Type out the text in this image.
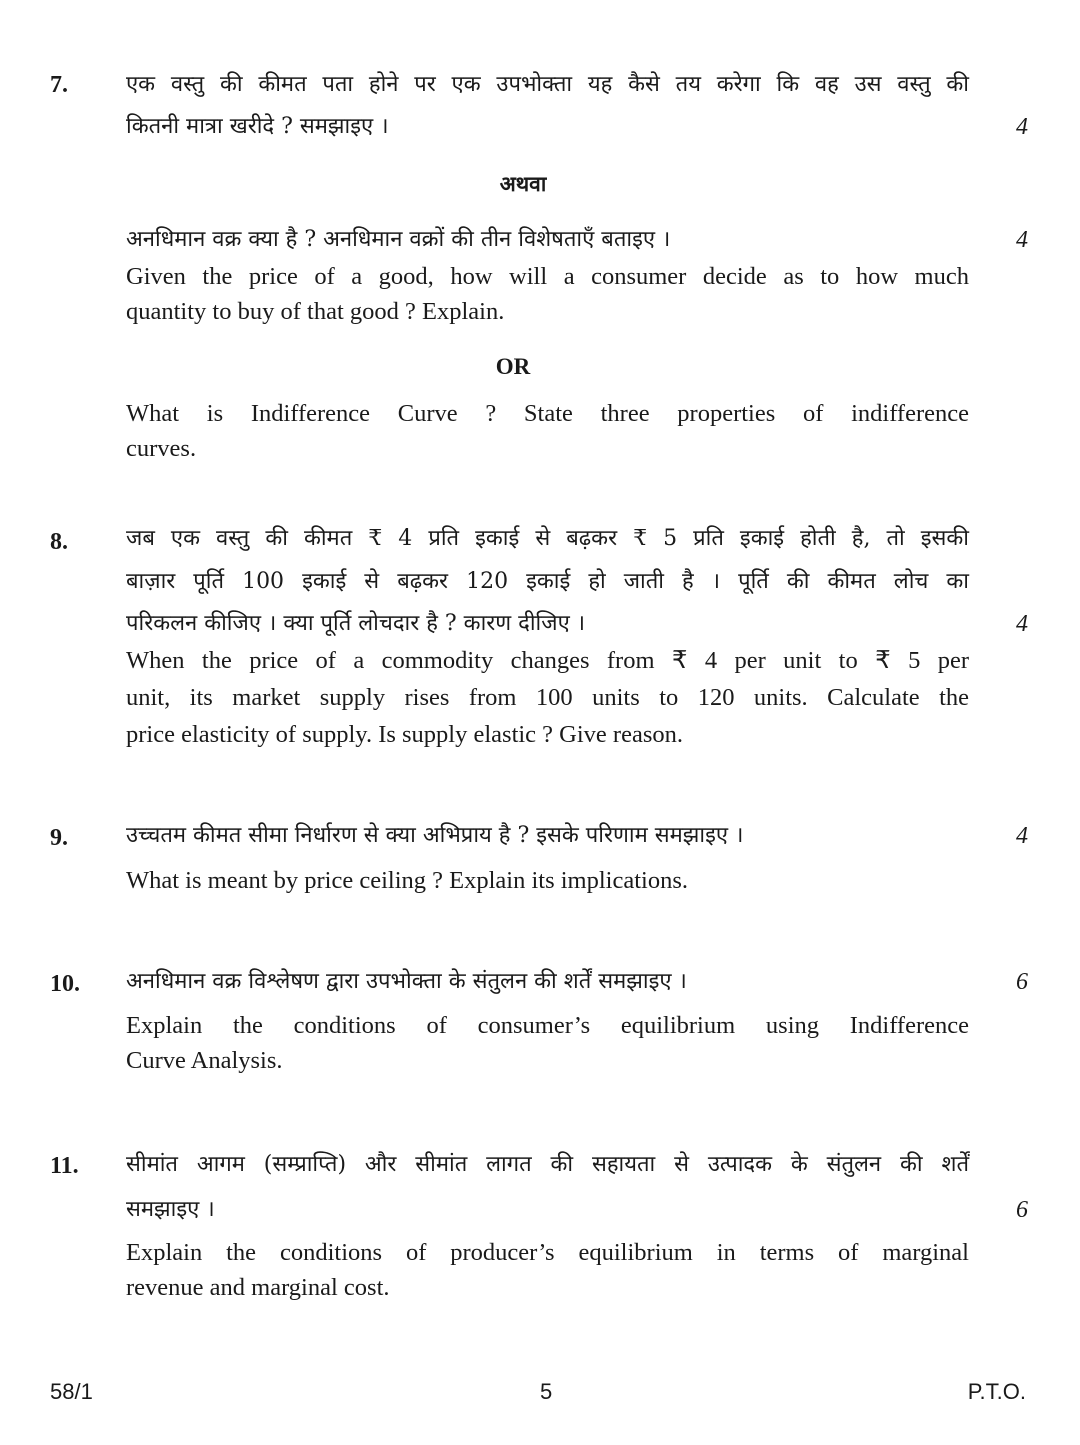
7.	एक वस्तु की कीमत पता होने पर एक उपभोक्ता यह कैसे तय करेगा कि वह उस वस्तु की
कितनी मात्रा खरीदे ? समझाइए ।	4
अथवा
अनधिमान वक्र क्या है ? अनधिमान वक्रों की तीन विशेषताएँ बताइए ।	4
Given the price of a good, how will a consumer decide as to how much
quantity to buy of that good ? Explain.
OR
What is Indifference Curve ? State three properties of indifference
curves.
8.	जब एक वस्तु की कीमत ₹ 4 प्रति इकाई से बढ़कर ₹ 5 प्रति इकाई होती है, तो इसकी
बाज़ार पूर्ति 100 इकाई से बढ़कर 120 इकाई हो जाती है । पूर्ति की कीमत लोच का
परिकलन कीजिए । क्या पूर्ति लोचदार है ? कारण दीजिए ।	4
When the price of a commodity changes from ₹ 4 per unit to ₹ 5 per
unit, its market supply rises from 100 units to 120 units. Calculate the
price elasticity of supply. Is supply elastic ? Give reason.
9.	उच्चतम कीमत सीमा निर्धारण से क्या अभिप्राय है ? इसके परिणाम समझाइए ।	4
What is meant by price ceiling ? Explain its implications.
10. अनधिमान वक्र विश्लेषण द्वारा उपभोक्ता के संतुलन की शर्तें समझाइए ।	6
Explain the conditions of consumer’s equilibrium using Indifference
Curve Analysis.
11. सीमांत आगम (सम्प्राप्ति) और सीमांत लागत की सहायता से उत्पादक के संतुलन की शर्तें
समझाइए ।	6
Explain the conditions of producer’s equilibrium in terms of marginal
revenue and marginal cost.
58/1	5	P.T.O.
